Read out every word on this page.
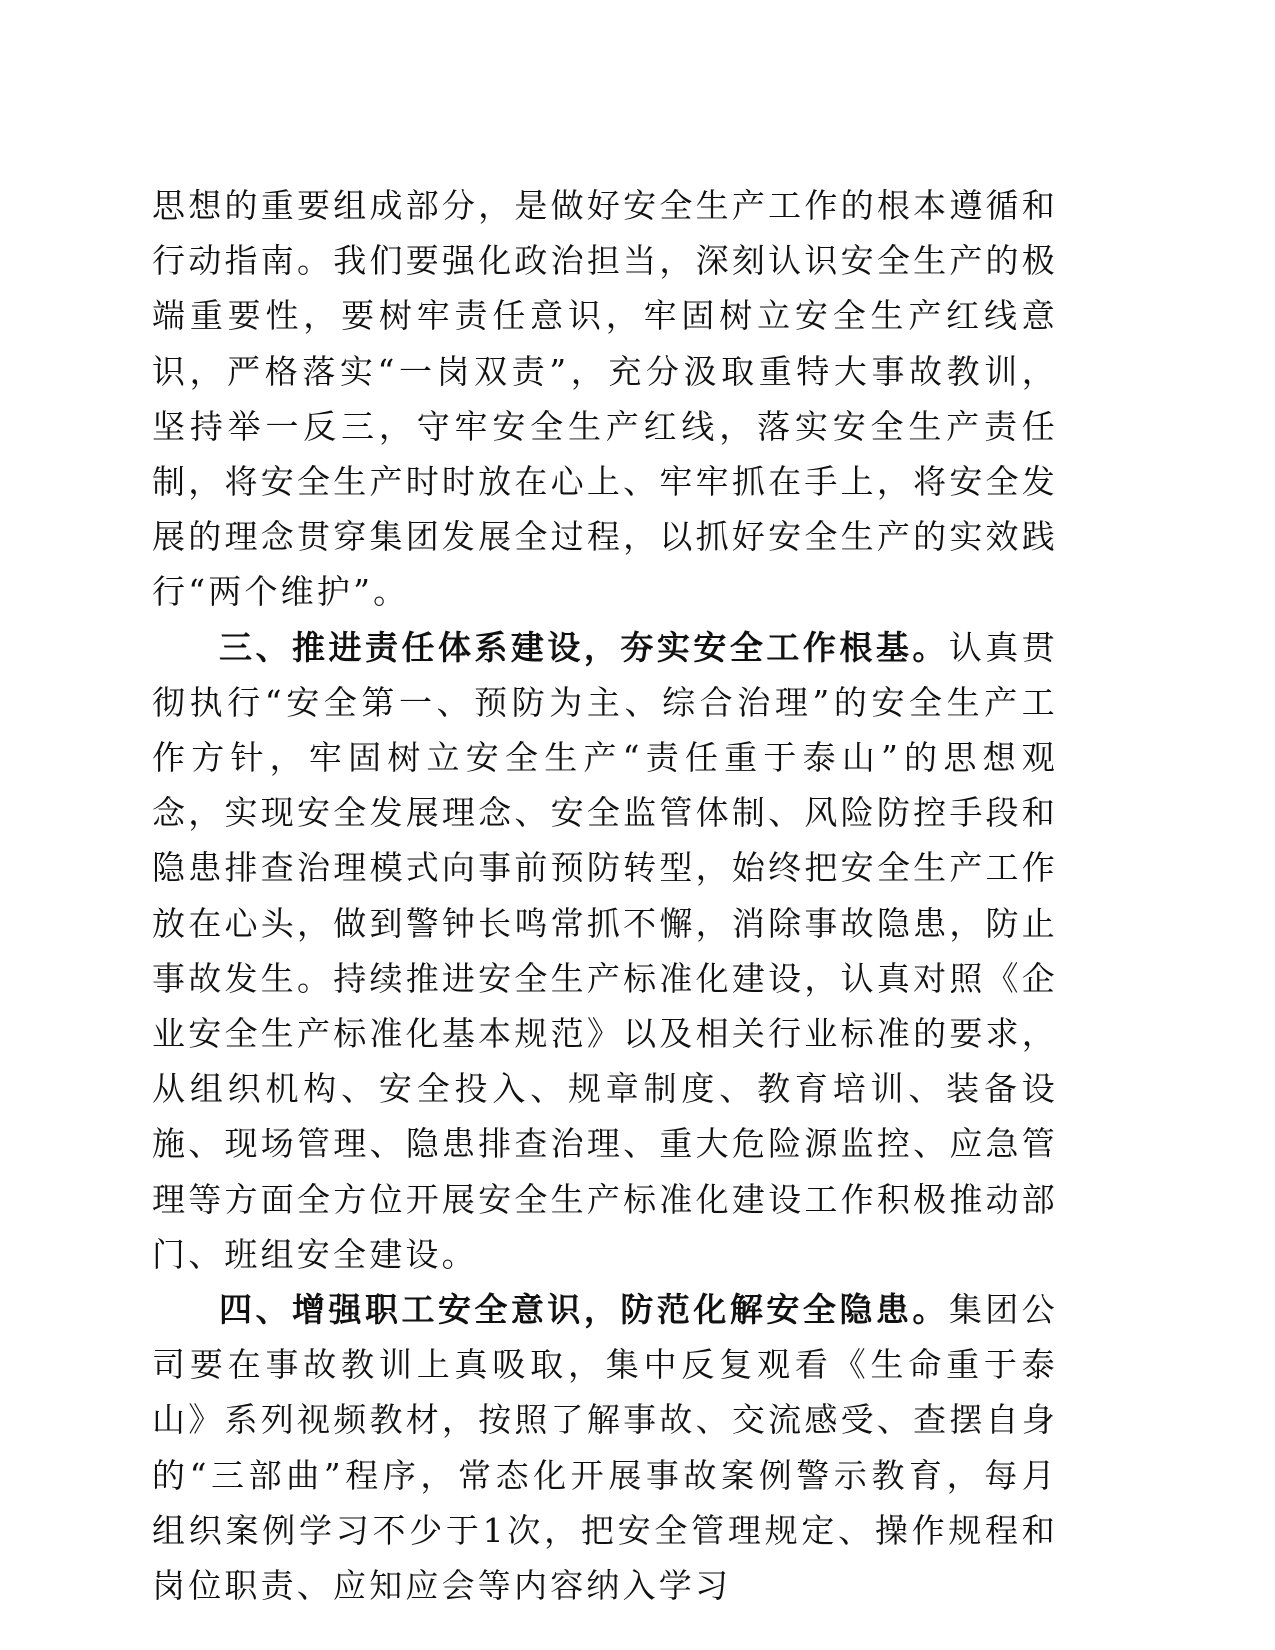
思想的重要组成部分，是做好安全生产工作的根本遵循和行动指南。我们要强化政治担当，深刻认识安全生产的极端重要性，要树牢责任意识，牢固树立安全生产红线意识，严格落实“一岗双责”，充分汲取重特大事故教训，坚持举一反三，守牢安全生产红线，落实安全生产责任制，将安全生产时时放在心上、牢牢抓在手上，将安全发展的理念贯穿集团发展全过程，以抓好安全生产的实效践行“两个维护”。

三、推进责任体系建设，夯实安全工作根基。认真贯彻执行“安全第一、预防为主、综合治理”的安全生产工作方针，牢固树立安全生产“责任重于泰山”的思想观念，实现安全发展理念、安全监管体制、风险防控手段和隐患排查治理模式向事前预防转型，始终把安全生产工作放在心头，做到警钟长鸣常抓不懈，消除事故隐患，防止事故发生。持续推进安全生产标准化建设，认真对照《企业安全生产标准化基本规范》以及相关行业标准的要求，从组织机构、安全投入、规章制度、教育培训、装备设施、现场管理、隐患排查治理、重大危险源监控、应急管理等方面全方位开展安全生产标准化建设工作积极推动部门、班组安全建设。

四、增强职工安全意识，防范化解安全隐患。集团公司要在事故教训上真吸取，集中反复观看《生命重于泰山》系列视频教材，按照了解事故、交流感受、查摆自身的“三部曲”程序，常态化开展事故案例警示教育，每月组织案例学习不少于1次，把安全管理规定、操作规程和岗位职责、应知应会等内容纳入学习
